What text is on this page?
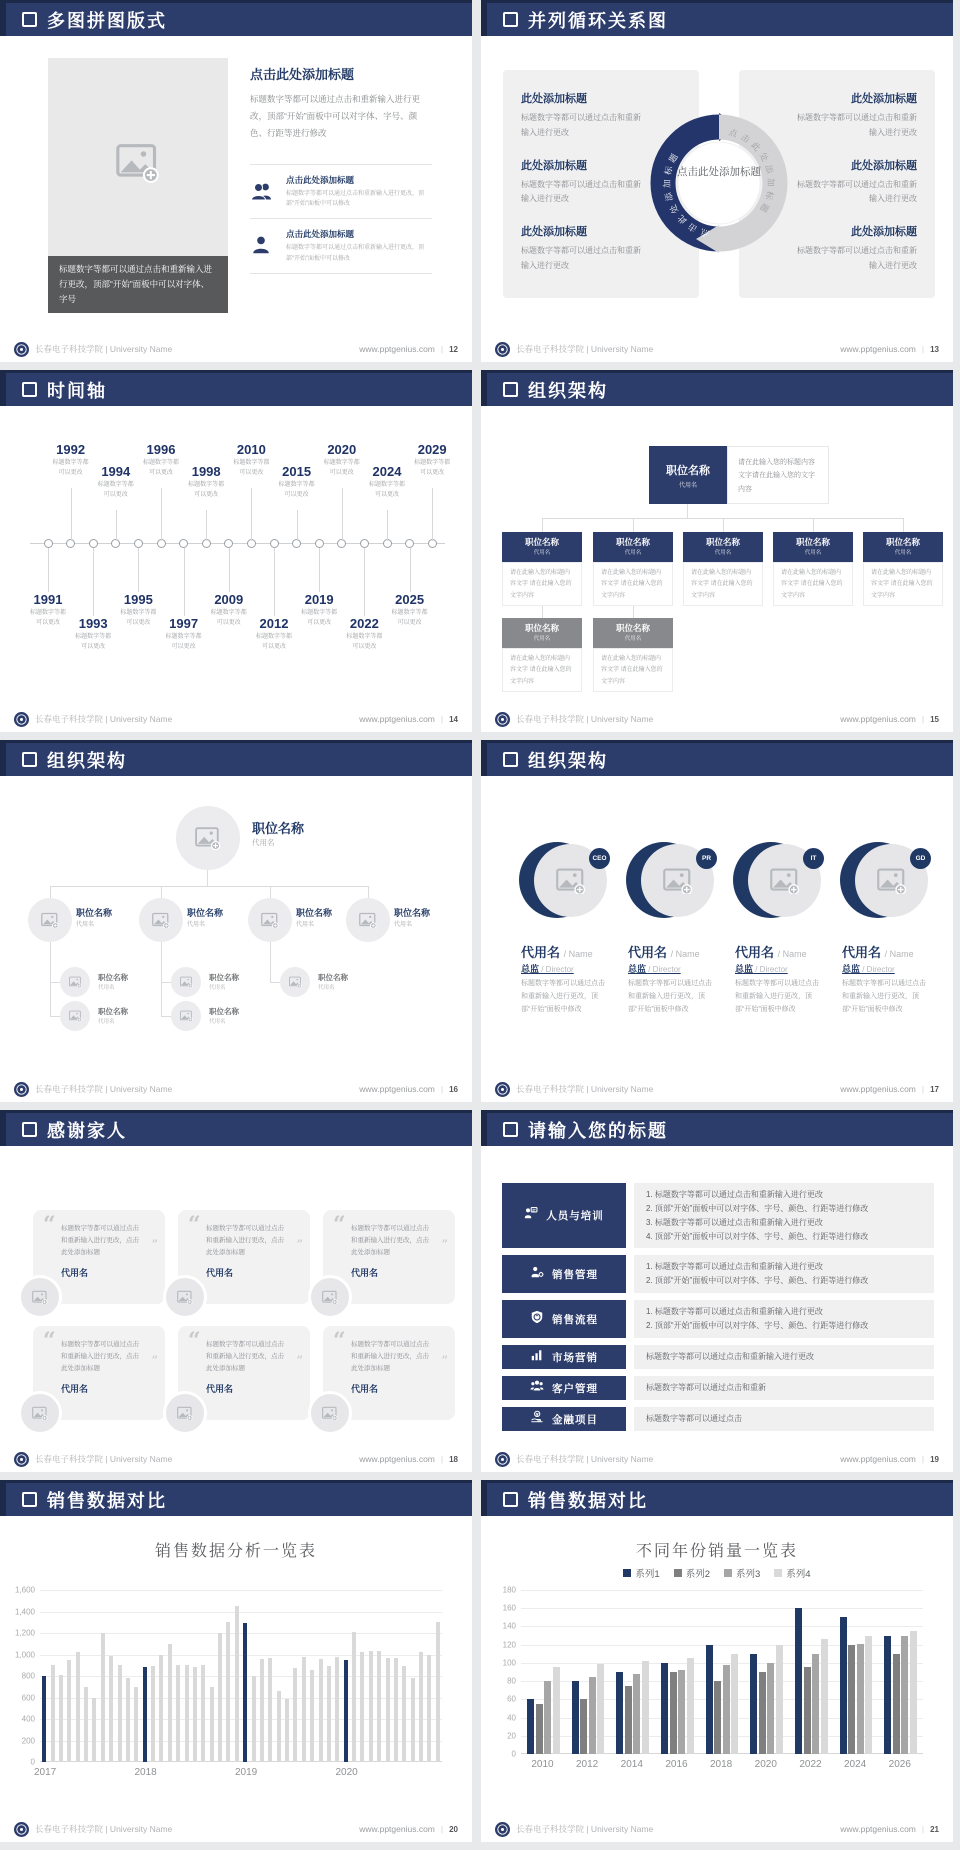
多图拼图版式
标题数字等都可以通过点击和重新输入进行更改，顶部“开始”面板中可以对字体、字号
点击此处添加标题

标题数字等都可以通过点击和重新输入进行更改，顶部“开始”面板中可以对字体、字号、颜色、行距等进行修改

点击此处添加标题

标题数字等都可以通过点击和重新输入进行更改，顶部“开始”面板中可以修改

点击此处添加标题

标题数字等都可以通过点击和重新输入进行更改，顶部“开始”面板中可以修改

长春电子科技学院 | University Name	www.pptgenius.com | 12
并列循环关系图
此处添加标题

标题数字等都可以通过点击和重新输入进行更改

此处添加标题

标题数字等都可以通过点击和重新输入进行更改

此处添加标题

标题数字等都可以通过点击和重新输入进行更改

此处添加标题

标题数字等都可以通过点击和重新输入进行更改

此处添加标题

标题数字等都可以通过点击和重新输入进行更改

此处添加标题

标题数字等都可以通过点击和重新输入进行更改

点击此处添加标题
点击此处添加标题
点击此处添加标题
长春电子科技学院 | University Name	www.pptgenius.com | 13
时间轴
1991
标题数字等都
可以更改
1992
标题数字等都
可以更改
1993
标题数字等都
可以更改
1994
标题数字等都
可以更改
1995
标题数字等都
可以更改
1996
标题数字等都
可以更改
1997
标题数字等都
可以更改
1998
标题数字等都
可以更改
2009
标题数字等都
可以更改
2010
标题数字等都
可以更改
2012
标题数字等都
可以更改
2015
标题数字等都
可以更改
2019
标题数字等都
可以更改
2020
标题数字等都
可以更改
2022
标题数字等都
可以更改
2024
标题数字等都
可以更改
2025
标题数字等都
可以更改
2029
标题数字等都
可以更改
长春电子科技学院 | University Name	www.pptgenius.com | 14
组织架构
职位名称
代用名
请在此输入您的标题内容文字请在此输入您的文字内容
职位名称
代用名
请在此输入您的标题内容文字 请在此输入您的文字内容
职位名称
代用名
请在此输入您的标题内容文字 请在此输入您的文字内容
职位名称
代用名
请在此输入您的标题内容文字 请在此输入您的文字内容
职位名称
代用名
请在此输入您的标题内容文字 请在此输入您的文字内容
职位名称
代用名
请在此输入您的标题内容文字 请在此输入您的文字内容
职位名称
代用名
请在此输入您的标题内容文字 请在此输入您的文字内容
职位名称
代用名
请在此输入您的标题内容文字 请在此输入您的文字内容
长春电子科技学院 | University Name	www.pptgenius.com | 15
组织架构
职位名称
代用名
职位名称
代用名
职位名称
代用名
职位名称
代用名
职位名称
代用名
职位名称
代用名
职位名称
代用名
职位名称
代用名
职位名称
代用名
职位名称
代用名
长春电子科技学院 | University Name	www.pptgenius.com | 16
组织架构
CEO
代用名 / Name
总监 / Director
标题数字等都可以通过点击和重新输入进行更改，顶部“开始”面板中修改
PR
代用名 / Name
总监 / Director
标题数字等都可以通过点击和重新输入进行更改，顶部“开始”面板中修改
IT
代用名 / Name
总监 / Director
标题数字等都可以通过点击和重新输入进行更改，顶部“开始”面板中修改
GD
代用名 / Name
总监 / Director
标题数字等都可以通过点击和重新输入进行更改，顶部“开始”面板中修改
长春电子科技学院 | University Name	www.pptgenius.com | 17
感谢家人
“
”
标题数字等都可以通过点击和重新输入进行更改，点击此处添加标题
代用名
“
”
标题数字等都可以通过点击和重新输入进行更改，点击此处添加标题
代用名
“
”
标题数字等都可以通过点击和重新输入进行更改，点击此处添加标题
代用名
“
”
标题数字等都可以通过点击和重新输入进行更改，点击此处添加标题
代用名
“
”
标题数字等都可以通过点击和重新输入进行更改，点击此处添加标题
代用名
“
”
标题数字等都可以通过点击和重新输入进行更改，点击此处添加标题
代用名
长春电子科技学院 | University Name	www.pptgenius.com | 18
请输入您的标题
人员与培训
1. 标题数字等都可以通过点击和重新输入进行更改
2. 顶部“开始”面板中可以对字体、字号、颜色、行距等进行修改
3. 标题数字等都可以通过点击和重新输入进行更改
4. 顶部“开始”面板中可以对字体、字号、颜色、行距等进行修改
销售管理
1. 标题数字等都可以通过点击和重新输入进行更改
2. 顶部“开始”面板中可以对字体、字号、颜色、行距等进行修改
销售流程
1. 标题数字等都可以通过点击和重新输入进行更改
2. 顶部“开始”面板中可以对字体、字号、颜色、行距等进行修改
市场营销	标题数字等都可以通过点击和重新输入进行更改
客户管理	标题数字等都可以通过点击和重新
金融项目	标题数字等都可以通过点击
长春电子科技学院 | University Name	www.pptgenius.com | 19
销售数据对比
销售数据分析一览表
0
200
400
600
800
1,000
1,200
1,400
1,600
2017	2018	2019	2020
长春电子科技学院 | University Name	www.pptgenius.com | 20
销售数据对比
不同年份销量一览表
系列1	系列2	系列3	系列4
0
20
40
60
80
100
120
140
160
180
2010 2012 2014 2016 2018 2020 2022 2024 2026
长春电子科技学院 | University Name	www.pptgenius.com | 21
